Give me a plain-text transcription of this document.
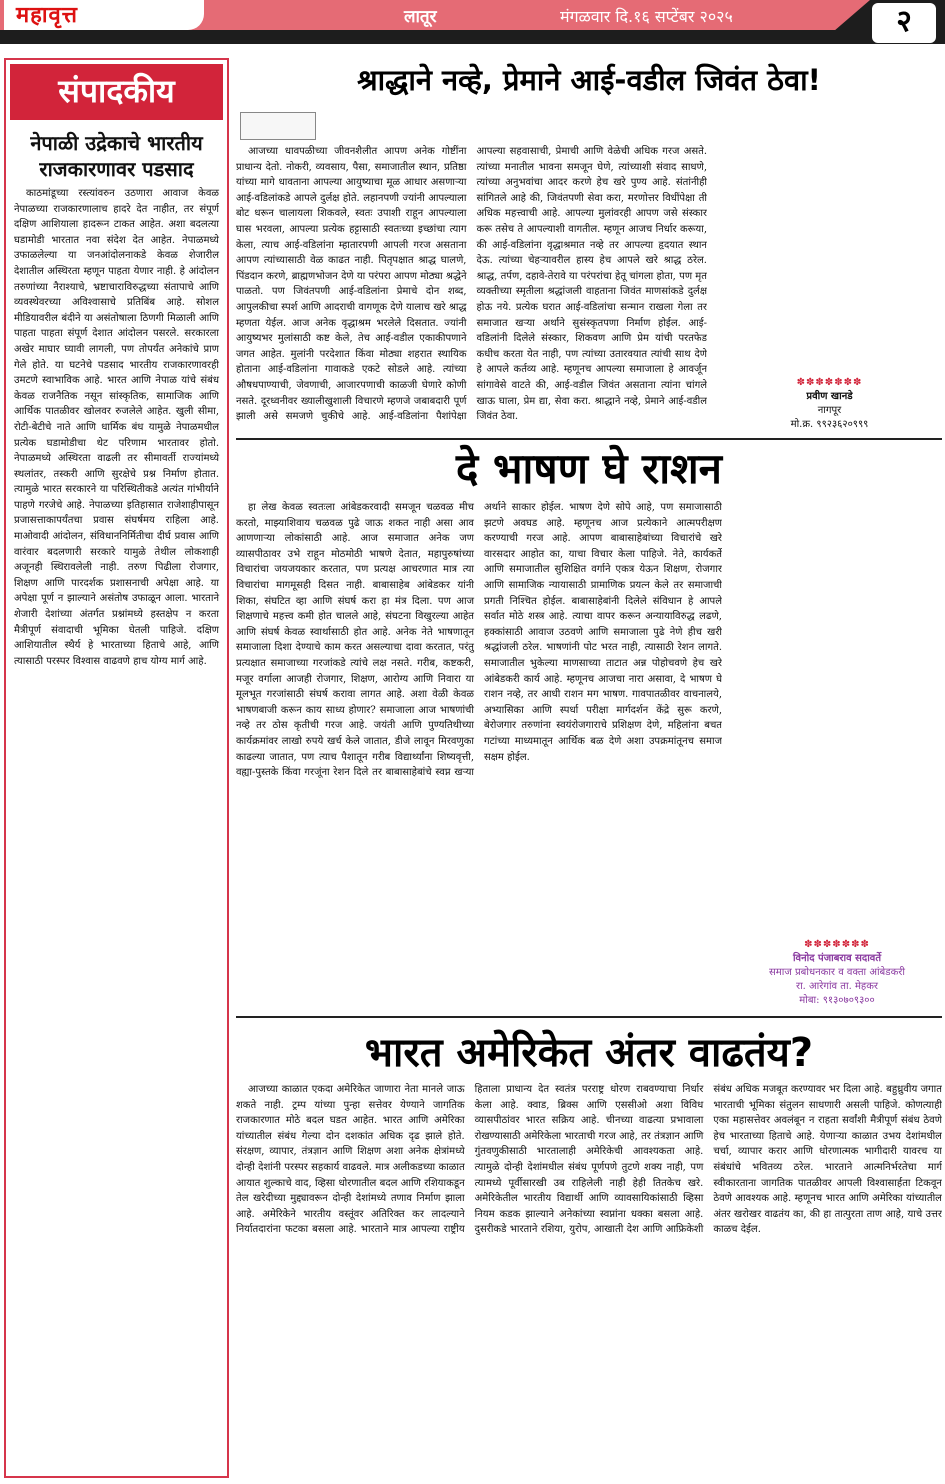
महावृत्त	लातूर	मंगळवार दि.१६ सप्टेंबर २०२५	२
संपादकीय
नेपाळी उद्रेकाचे भारतीय राजकारणावर पडसाद

काठमांडूच्या रस्त्यांवरुन उठणारा आवाज केवळ नेपाळच्या राजकारणालाच हादरे देत नाहीत, तर संपूर्ण दक्षिण आशियाला हादरून टाकत आहेत. अशा बदलत्या घडामोडी भारतात नवा संदेश देत आहेत. नेपाळमध्ये उफाळलेल्या या जनआंदोलनाकडे केवळ शेजारील देशातील अस्थिरता म्हणून पाहता येणार नाही. हे आंदोलन तरुणांच्या नैराश्याचे, भ्रष्टाचाराविरुद्धच्या संतापाचे आणि व्यवस्थेवरच्या अविश्वासाचे प्रतिबिंब आहे. सोशल मीडियावरील बंदीने या असंतोषाला ठिणगी मिळाली आणि पाहता पाहता संपूर्ण देशात आंदोलन पसरले. सरकारला अखेर माघार घ्यावी लागली, पण तोपर्यंत अनेकांचे प्राण गेले होते. या घटनेचे पडसाद भारतीय राजकारणावरही उमटणे स्वाभाविक आहे. भारत आणि नेपाळ यांचे संबंध केवळ राजनैतिक नसून सांस्कृतिक, सामाजिक आणि आर्थिक पातळीवर खोलवर रुजलेले आहेत. खुली सीमा, रोटी-बेटीचे नाते आणि धार्मिक बंध यामुळे नेपाळमधील प्रत्येक घडामोडीचा थेट परिणाम भारतावर होतो. नेपाळमध्ये अस्थिरता वाढली तर सीमावर्ती राज्यांमध्ये स्थलांतर, तस्करी आणि सुरक्षेचे प्रश्न निर्माण होतात. त्यामुळे भारत सरकारने या परिस्थितीकडे अत्यंत गांभीर्याने पाहणे गरजेचे आहे. नेपाळच्या इतिहासात राजेशाहीपासून प्रजासत्ताकापर्यंतचा प्रवास संघर्षमय राहिला आहे. माओवादी आंदोलन, संविधाननिर्मितीचा दीर्घ प्रवास आणि वारंवार बदलणारी सरकारे यामुळे तेथील लोकशाही अजूनही स्थिरावलेली नाही. तरुण पिढीला रोजगार, शिक्षण आणि पारदर्शक प्रशासनाची अपेक्षा आहे. या अपेक्षा पूर्ण न झाल्याने असंतोष उफाळून आला. भारताने शेजारी देशांच्या अंतर्गत प्रश्नांमध्ये हस्तक्षेप न करता मैत्रीपूर्ण संवादाची भूमिका घेतली पाहिजे. दक्षिण आशियातील स्थैर्य हे भारताच्या हिताचे आहे, आणि त्यासाठी परस्पर विश्वास वाढवणे हाच योग्य मार्ग आहे.

श्राद्धाने नव्हे, प्रेमाने आई-वडील जिवंत ठेवा!

आजच्या धावपळीच्या जीवनशैलीत आपण अनेक गोष्टींना प्राधान्य देतो. नोकरी, व्यवसाय, पैसा, समाजातील स्थान, प्रतिष्ठा यांच्या मागे धावताना आपल्या आयुष्याचा मूळ आधार असणाऱ्या आई-वडिलांकडे आपले दुर्लक्ष होते. लहानपणी ज्यांनी आपल्याला बोट धरून चालायला शिकवले, स्वतः उपाशी राहून आपल्याला घास भरवला, आपल्या प्रत्येक हट्टासाठी स्वतःच्या इच्छांचा त्याग केला, त्याच आई-वडिलांना म्हातारपणी आपली गरज असताना आपण त्यांच्यासाठी वेळ काढत नाही. पितृपक्षात श्राद्ध घालणे, पिंडदान करणे, ब्राह्मणभोजन देणे या परंपरा आपण मोठ्या श्रद्धेने पाळतो. पण जिवंतपणी आई-वडिलांना प्रेमाचे दोन शब्द, आपुलकीचा स्पर्श आणि आदराची वागणूक देणे यालाच खरे श्राद्ध म्हणता येईल. आज अनेक वृद्धाश्रम भरलेले दिसतात. ज्यांनी आयुष्यभर मुलांसाठी कष्ट केले, तेच आई-वडील एकाकीपणाने जगत आहेत. मुलांनी परदेशात किंवा मोठ्या शहरात स्थायिक होताना आई-वडिलांना गावाकडे एकटे सोडले आहे. त्यांच्या औषधपाण्याची, जेवणाची, आजारपणाची काळजी घेणारे कोणी नसते. दूरध्वनीवर ख्यालीखुशाली विचारणे म्हणजे जबाबदारी पूर्ण झाली असे समजणे चुकीचे आहे. आई-वडिलांना पैशांपेक्षा आपल्या सहवासाची, प्रेमाची आणि वेळेची अधिक गरज असते. त्यांच्या मनातील भावना समजून घेणे, त्यांच्याशी संवाद साधणे, त्यांच्या अनुभवांचा आदर करणे हेच खरे पुण्य आहे. संतांनीही सांगितले आहे की, जिवंतपणी सेवा करा, मरणोत्तर विधींपेक्षा ती अधिक महत्त्वाची आहे. आपल्या मुलांवरही आपण जसे संस्कार करू तसेच ते आपल्याशी वागतील. म्हणून आजच निर्धार करूया, की आई-वडिलांना वृद्धाश्रमात नव्हे तर आपल्या हृदयात स्थान देऊ. त्यांच्या चेहऱ्यावरील हास्य हेच आपले खरे श्राद्ध ठरेल. श्राद्ध, तर्पण, दहावे-तेरावे या परंपरांचा हेतू चांगला होता, पण मृत व्यक्तीच्या स्मृतीला श्रद्धांजली वाहताना जिवंत माणसांकडे दुर्लक्ष होऊ नये. प्रत्येक घरात आई-वडिलांचा सन्मान राखला गेला तर समाजात खऱ्या अर्थाने सुसंस्कृतपणा निर्माण होईल. आई-वडिलांनी दिलेले संस्कार, शिकवण आणि प्रेम यांची परतफेड कधीच करता येत नाही, पण त्यांच्या उतारवयात त्यांची साथ देणे हे आपले कर्तव्य आहे. म्हणूनच आपल्या समाजाला हे आवर्जून सांगावेसे वाटते की, आई-वडील जिवंत असताना त्यांना चांगले खाऊ घाला, प्रेम द्या, सेवा करा. श्राद्धाने नव्हे, प्रेमाने आई-वडील जिवंत ठेवा.

✽✽✽✽✽✽✽
प्रवीण खानडे
नागपूर
मो.क्र. ९९२३६२०९९९
दे भाषण घे राशन

हा लेख केवळ स्वतःला आंबेडकरवादी समजून चळवळ मीच करतो, माझ्याशिवाय चळवळ पुढे जाऊ शकत नाही असा आव आणणाऱ्या लोकांसाठी आहे. आज समाजात अनेक जण व्यासपीठावर उभे राहून मोठमोठी भाषणे देतात, महापुरुषांच्या विचारांचा जयजयकार करतात, पण प्रत्यक्ष आचरणात मात्र त्या विचारांचा मागमूसही दिसत नाही. बाबासाहेब आंबेडकर यांनी शिका, संघटित व्हा आणि संघर्ष करा हा मंत्र दिला. पण आज शिक्षणाचे महत्त्व कमी होत चालले आहे, संघटना विखुरल्या आहेत आणि संघर्ष केवळ स्वार्थासाठी होत आहे. अनेक नेते भाषणातून समाजाला दिशा देण्याचे काम करत असल्याचा दावा करतात, परंतु प्रत्यक्षात समाजाच्या गरजांकडे त्यांचे लक्ष नसते. गरीब, कष्टकरी, मजूर वर्गाला आजही रोजगार, शिक्षण, आरोग्य आणि निवारा या मूलभूत गरजांसाठी संघर्ष करावा लागत आहे. अशा वेळी केवळ भाषणबाजी करून काय साध्य होणार? समाजाला आज भाषणांची नव्हे तर ठोस कृतीची गरज आहे. जयंती आणि पुण्यतिथीच्या कार्यक्रमांवर लाखो रुपये खर्च केले जातात, डीजे लावून मिरवणुका काढल्या जातात, पण त्याच पैशातून गरीब विद्यार्थ्यांना शिष्यवृत्ती, वह्या-पुस्तके किंवा गरजूंना रेशन दिले तर बाबासाहेबांचे स्वप्न खऱ्या अर्थाने साकार होईल. भाषण देणे सोपे आहे, पण समाजासाठी झटणे अवघड आहे. म्हणूनच आज प्रत्येकाने आत्मपरीक्षण करण्याची गरज आहे. आपण बाबासाहेबांच्या विचारांचे खरे वारसदार आहोत का, याचा विचार केला पाहिजे. नेते, कार्यकर्ते आणि समाजातील सुशिक्षित वर्गाने एकत्र येऊन शिक्षण, रोजगार आणि सामाजिक न्यायासाठी प्रामाणिक प्रयत्न केले तर समाजाची प्रगती निश्चित होईल. बाबासाहेबांनी दिलेले संविधान हे आपले सर्वात मोठे शस्त्र आहे. त्याचा वापर करून अन्यायाविरुद्ध लढणे, हक्कांसाठी आवाज उठवणे आणि समाजाला पुढे नेणे हीच खरी श्रद्धांजली ठरेल. भाषणांनी पोट भरत नाही, त्यासाठी रेशन लागते. समाजातील भुकेल्या माणसाच्या ताटात अन्न पोहोचवणे हेच खरे आंबेडकरी कार्य आहे. म्हणूनच आजचा नारा असावा, दे भाषण घे राशन नव्हे, तर आधी राशन मग भाषण. गावपातळीवर वाचनालये, अभ्यासिका आणि स्पर्धा परीक्षा मार्गदर्शन केंद्रे सुरू करणे, बेरोजगार तरुणांना स्वयंरोजगाराचे प्रशिक्षण देणे, महिलांना बचत गटांच्या माध्यमातून आर्थिक बळ देणे अशा उपक्रमांतूनच समाज सक्षम होईल.

✽✽✽✽✽✽✽
विनोद पंजाबराव सदावर्ते
समाज प्रबोधनकार व वक्ता आंबेडकरी
रा. आरेगांव ता. मेहकर
मोबा: ९१३०७०९३००
भारत अमेरिकेत अंतर वाढतंय?

आजच्या काळात एकदा अमेरिकेत जाणारा नेता मानले जाऊ शकते नाही. ट्रम्प यांच्या पुन्हा सत्तेवर येण्याने जागतिक राजकारणात मोठे बदल घडत आहेत. भारत आणि अमेरिका यांच्यातील संबंध गेल्या दोन दशकांत अधिक दृढ झाले होते. संरक्षण, व्यापार, तंत्रज्ञान आणि शिक्षण अशा अनेक क्षेत्रांमध्ये दोन्ही देशांनी परस्पर सहकार्य वाढवले. मात्र अलीकडच्या काळात आयात शुल्काचे वाद, व्हिसा धोरणातील बदल आणि रशियाकडून तेल खरेदीच्या मुद्द्यावरून दोन्ही देशांमध्ये तणाव निर्माण झाला आहे. अमेरिकेने भारतीय वस्तूंवर अतिरिक्त कर लादल्याने निर्यातदारांना फटका बसला आहे. भारताने मात्र आपल्या राष्ट्रीय हिताला प्राधान्य देत स्वतंत्र परराष्ट्र धोरण राबवण्याचा निर्धार केला आहे. क्वाड, ब्रिक्स आणि एससीओ अशा विविध व्यासपीठांवर भारत सक्रिय आहे. चीनच्या वाढत्या प्रभावाला रोखण्यासाठी अमेरिकेला भारताची गरज आहे, तर तंत्रज्ञान आणि गुंतवणुकीसाठी भारतालाही अमेरिकेची आवश्यकता आहे. त्यामुळे दोन्ही देशांमधील संबंध पूर्णपणे तुटणे शक्य नाही, पण त्यामध्ये पूर्वीसारखी उब राहिलेली नाही हेही तितकेच खरे. अमेरिकेतील भारतीय विद्यार्थी आणि व्यावसायिकांसाठी व्हिसा नियम कडक झाल्याने अनेकांच्या स्वप्नांना धक्का बसला आहे. दुसरीकडे भारताने रशिया, युरोप, आखाती देश आणि आफ्रिकेशी संबंध अधिक मजबूत करण्यावर भर दिला आहे. बहुध्रुवीय जगात भारताची भूमिका संतुलन साधणारी असली पाहिजे. कोणत्याही एका महासत्तेवर अवलंबून न राहता सर्वांशी मैत्रीपूर्ण संबंध ठेवणे हेच भारताच्या हिताचे आहे. येणाऱ्या काळात उभय देशांमधील चर्चा, व्यापार करार आणि धोरणात्मक भागीदारी यावरच या संबंधांचे भवितव्य ठरेल. भारताने आत्मनिर्भरतेचा मार्ग स्वीकारताना जागतिक पातळीवर आपली विश्वासार्हता टिकवून ठेवणे आवश्यक आहे. म्हणूनच भारत आणि अमेरिका यांच्यातील अंतर खरोखर वाढतंय का, की हा तात्पुरता ताण आहे, याचे उत्तर काळच देईल.
